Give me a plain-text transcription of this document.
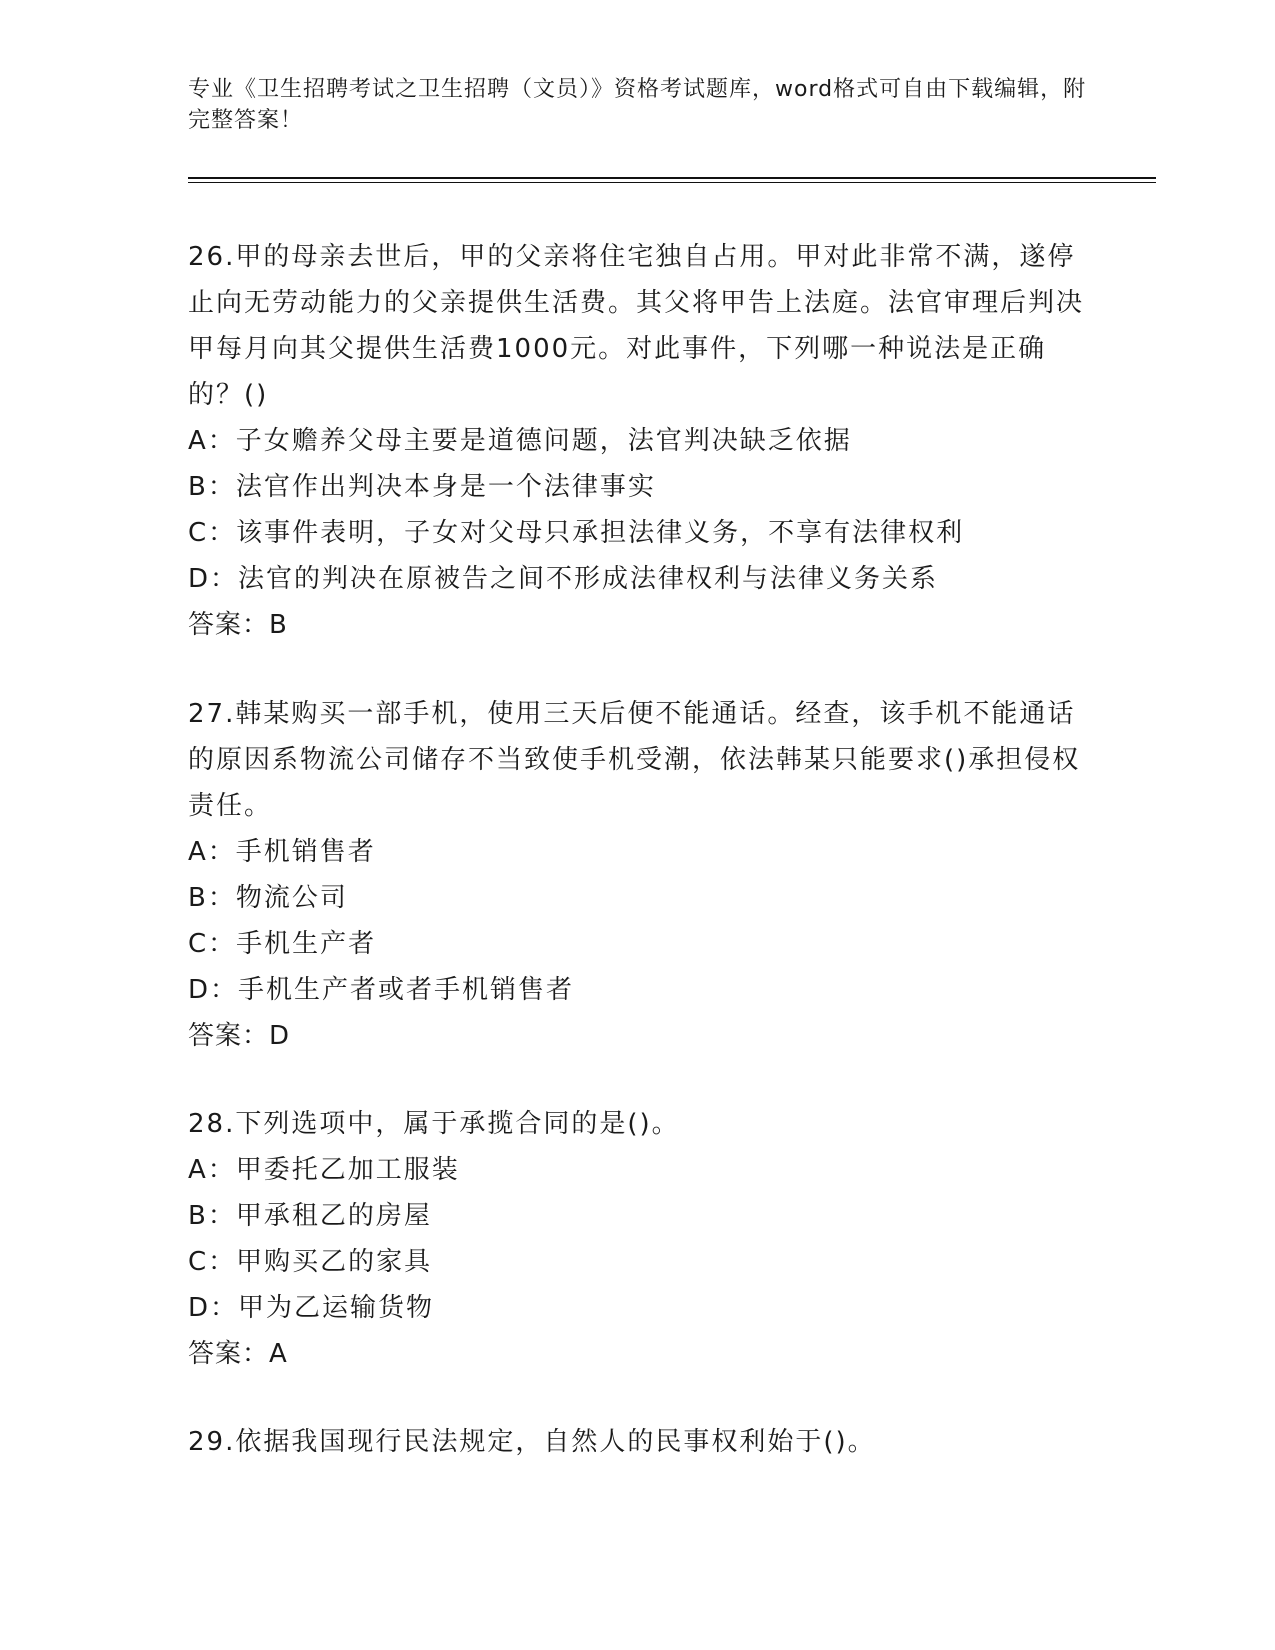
专业《卫生招聘考试之卫生招聘（文员）》资格考试题库，word格式可自由下载编辑，附完整答案！
26.甲的母亲去世后，甲的父亲将住宅独自占用。甲对此非常不满，遂停止向无劳动能力的父亲提供生活费。其父将甲告上法庭。法官审理后判决甲每月向其父提供生活费1000元。对此事件，下列哪一种说法是正确的？()
A：子女赡养父母主要是道德问题，法官判决缺乏依据
B：法官作出判决本身是一个法律事实
C：该事件表明，子女对父母只承担法律义务，不享有法律权利
D：法官的判决在原被告之间不形成法律权利与法律义务关系
答案：B
27.韩某购买一部手机，使用三天后便不能通话。经查，该手机不能通话的原因系物流公司储存不当致使手机受潮，依法韩某只能要求()承担侵权责任。
A：手机销售者
B：物流公司
C：手机生产者
D：手机生产者或者手机销售者
答案：D
28.下列选项中，属于承揽合同的是()。
A：甲委托乙加工服装
B：甲承租乙的房屋
C：甲购买乙的家具
D：甲为乙运输货物
答案：A
29.依据我国现行民法规定，自然人的民事权利始于()。
